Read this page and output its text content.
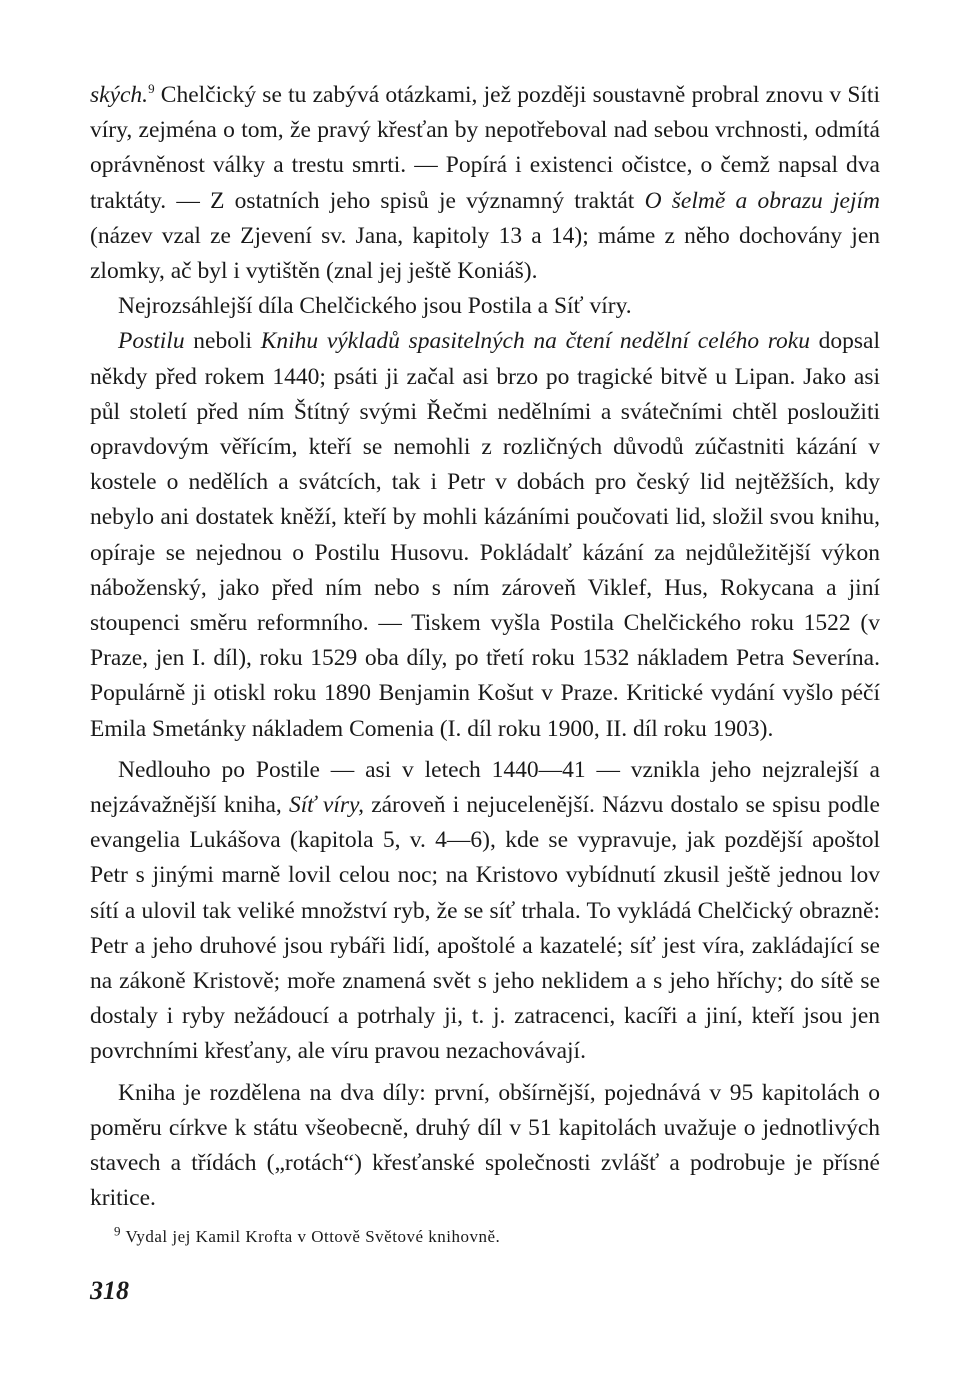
ských.$^9$ Chelčický se tu zabývá otázkami, jež později soustavně probral znovu v Síti víry, zejména o tom, že pravý křesťan by nepotřeboval nad sebou vrchnosti, odmítá oprávněnost války a trestu smrti. — Popírá i existenci očistce, o čemž napsal dva traktáty. — Z ostatních jeho spisů je významný traktát O šelmě a obrazu jejím (název vzal ze Zjevení sv. Jana, kapitoly 13 a 14); máme z něho dochovány jen zlomky, ač byl i vytištěn (znal jej ještě Koniáš).

Nejrozsáhlejší díla Chelčického jsou Postila a Síť víry.

Postilu neboli Knihu výkladů spasitelných na čtení nedělní celého roku dopsal někdy před rokem 1440; psáti ji začal asi brzo po tragické bitvě u Lipan. Jako asi půl století před ním Štítný svými Řečmi nedělními a svátečními chtěl posloužiti opravdovým věřícím, kteří se nemohli z rozličných důvodů zúčastniti kázání v kostele o nedělích a svátcích, tak i Petr v dobách pro český lid nejtěžších, kdy nebylo ani dostatek kněží, kteří by mohli kázáními poučovati lid, složil svou knihu, opíraje se nejednou o Postilu Husovu. Pokládalť kázání za nejdůležitější výkon náboženský, jako před ním nebo s ním zároveň Viklef, Hus, Rokycana a jiní stoupenci směru reformního. — Tiskem vyšla Postila Chelčického roku 1522 (v Praze, jen I. díl), roku 1529 oba díly, po třetí roku 1532 nákladem Petra Severína. Populárně ji otiskl roku 1890 Benjamin Košut v Praze. Kritické vydání vyšlo péčí Emila Smetánky nákladem Comenia (I. díl roku 1900, II. díl roku 1903).

Nedlouho po Postile — asi v letech 1440—41 — vznikla jeho nejzralejší a nejzávažnější kniha, Síť víry, zároveň i nejucelenější. Názvu dostalo se spisu podle evangelia Lukášova (kapitola 5, v. 4—6), kde se vypravuje, jak pozdější apoštol Petr s jinými marně lovil celou noc; na Kristovo vybídnutí zkusil ještě jednou lov sítí a ulovil tak veliké množství ryb, že se síť trhala. To vykládá Chelčický obrazně: Petr a jeho druhové jsou rybáři lidí, apoštolé a kazatelé; síť jest víra, zakládající se na zákoně Kristově; moře znamená svět s jeho neklidem a s jeho hříchy; do sítě se dostaly i ryby nežádoucí a potrhaly ji, t. j. zatracenci, kacíři a jiní, kteří jsou jen povrchními křesťany, ale víru pravou nezachovávají.

Kniha je rozdělena na dva díly: první, obšírnější, pojednává v 95 kapitolách o poměru církve k státu všeobecně, druhý díl v 51 kapitolách uvažuje o jednotlivých stavech a třídách („rotách“) křesťanské společnosti zvlášť a podrobuje je přísné kritice.

$^9$ Vydal jej Kamil Krofta v Ottově Světové knihovně.

318
